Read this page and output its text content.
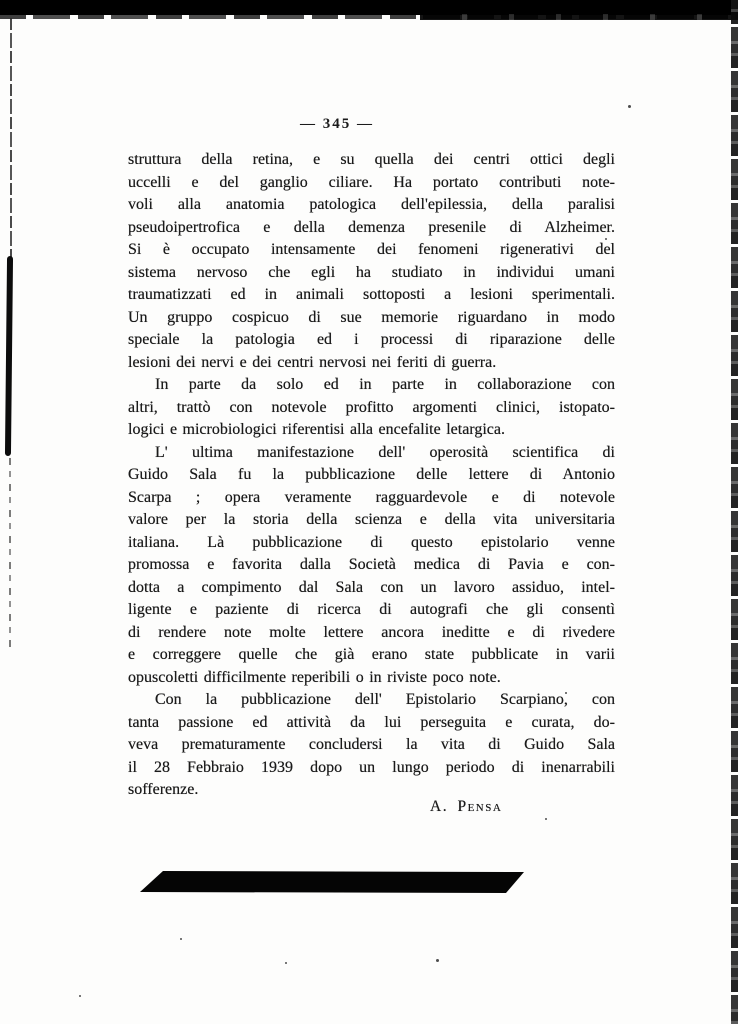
— 345 —
struttura della retina, e su quella dei centri ottici degli
uccelli e del ganglio ciliare. Ha portato contributi note-
voli alla anatomia patologica dell'epilessia, della paralisi
pseudoipertrofica e della demenza presenile di Alzheimer.
Si è occupato intensamente dei fenomeni rigenerativi del
sistema nervoso che egli ha studiato in individui umani
traumatizzati ed in animali sottoposti a lesioni sperimentali.
Un gruppo cospicuo di sue memorie riguardano in modo
speciale la patologia ed i processi di riparazione delle
lesioni dei nervi e dei centri nervosi nei feriti di guerra.
In parte da solo ed in parte in collaborazione con
altri, trattò con notevole profitto argomenti clinici, istopato-
logici e microbiologici riferentisi alla encefalite letargica.
L' ultima manifestazione dell' operosità scientifica di
Guido Sala fu la pubblicazione delle lettere di Antonio
Scarpa ; opera veramente ragguardevole e di notevole
valore per la storia della scienza e della vita universitaria
italiana. Là pubblicazione di questo epistolario venne
promossa e favorita dalla Società medica di Pavia e con-
dotta a compimento dal Sala con un lavoro assiduo, intel-
ligente e paziente di ricerca di autografi che gli consentì
di rendere note molte lettere ancora ineditte e di rivedere
e correggere quelle che già erano state pubblicate in varii
opuscoletti difficilmente reperibili o in riviste poco note.
Con la pubblicazione dell' Epistolario Scarpiano, con
tanta passione ed attività da lui perseguita e curata, do-
veva prematuramente concludersi la vita di Guido Sala
il 28 Febbraio 1939 dopo un lungo periodo di inenarrabili
sofferenze.
A. Pensa
